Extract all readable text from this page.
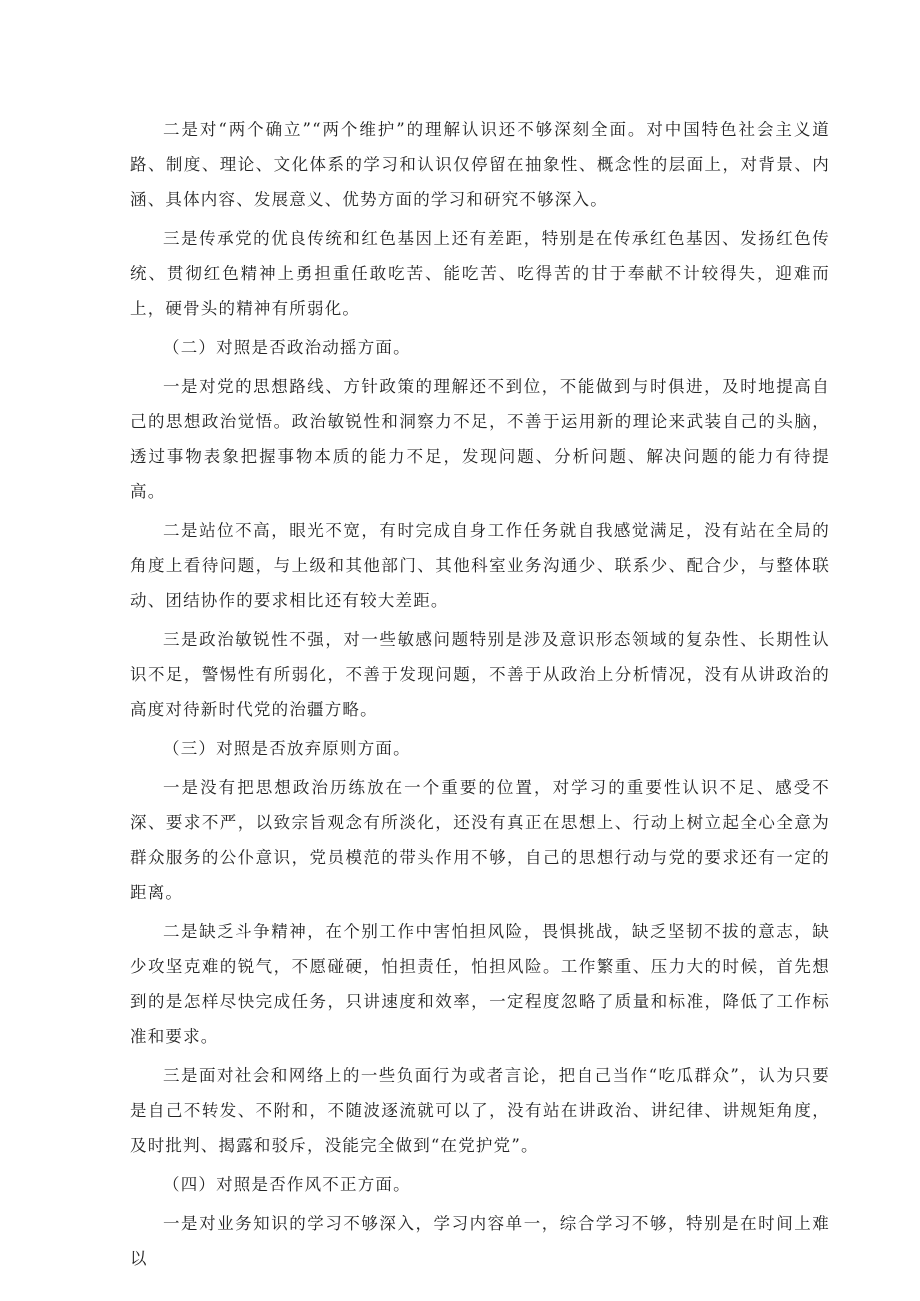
二是对“两个确立”“两个维护”的理解认识还不够深刻全面。对中国特色社会主义道路、制度、理论、文化体系的学习和认识仅停留在抽象性、概念性的层面上，对背景、内涵、具体内容、发展意义、优势方面的学习和研究不够深入。

三是传承党的优良传统和红色基因上还有差距，特别是在传承红色基因、发扬红色传统、贯彻红色精神上勇担重任敢吃苦、能吃苦、吃得苦的甘于奉献不计较得失，迎难而上，硬骨头的精神有所弱化。

（二）对照是否政治动摇方面。

一是对党的思想路线、方针政策的理解还不到位，不能做到与时俱进，及时地提高自己的思想政治觉悟。政治敏锐性和洞察力不足，不善于运用新的理论来武装自己的头脑，透过事物表象把握事物本质的能力不足，发现问题、分析问题、解决问题的能力有待提高。

二是站位不高，眼光不宽，有时完成自身工作任务就自我感觉满足，没有站在全局的角度上看待问题，与上级和其他部门、其他科室业务沟通少、联系少、配合少，与整体联动、团结协作的要求相比还有较大差距。

三是政治敏锐性不强，对一些敏感问题特别是涉及意识形态领域的复杂性、长期性认识不足，警惕性有所弱化，不善于发现问题，不善于从政治上分析情况，没有从讲政治的高度对待新时代党的治疆方略。

（三）对照是否放弃原则方面。

一是没有把思想政治历练放在一个重要的位置，对学习的重要性认识不足、感受不深、要求不严，以致宗旨观念有所淡化，还没有真正在思想上、行动上树立起全心全意为群众服务的公仆意识，党员模范的带头作用不够，自己的思想行动与党的要求还有一定的距离。

二是缺乏斗争精神，在个别工作中害怕担风险，畏惧挑战，缺乏坚韧不拔的意志，缺少攻坚克难的锐气，不愿碰硬，怕担责任，怕担风险。工作繁重、压力大的时候，首先想到的是怎样尽快完成任务，只讲速度和效率，一定程度忽略了质量和标准，降低了工作标准和要求。

三是面对社会和网络上的一些负面行为或者言论，把自己当作“吃瓜群众”，认为只要是自己不转发、不附和，不随波逐流就可以了，没有站在讲政治、讲纪律、讲规矩角度，及时批判、揭露和驳斥，没能完全做到“在党护党”。

（四）对照是否作风不正方面。

一是对业务知识的学习不够深入，学习内容单一，综合学习不够，特别是在时间上难以
